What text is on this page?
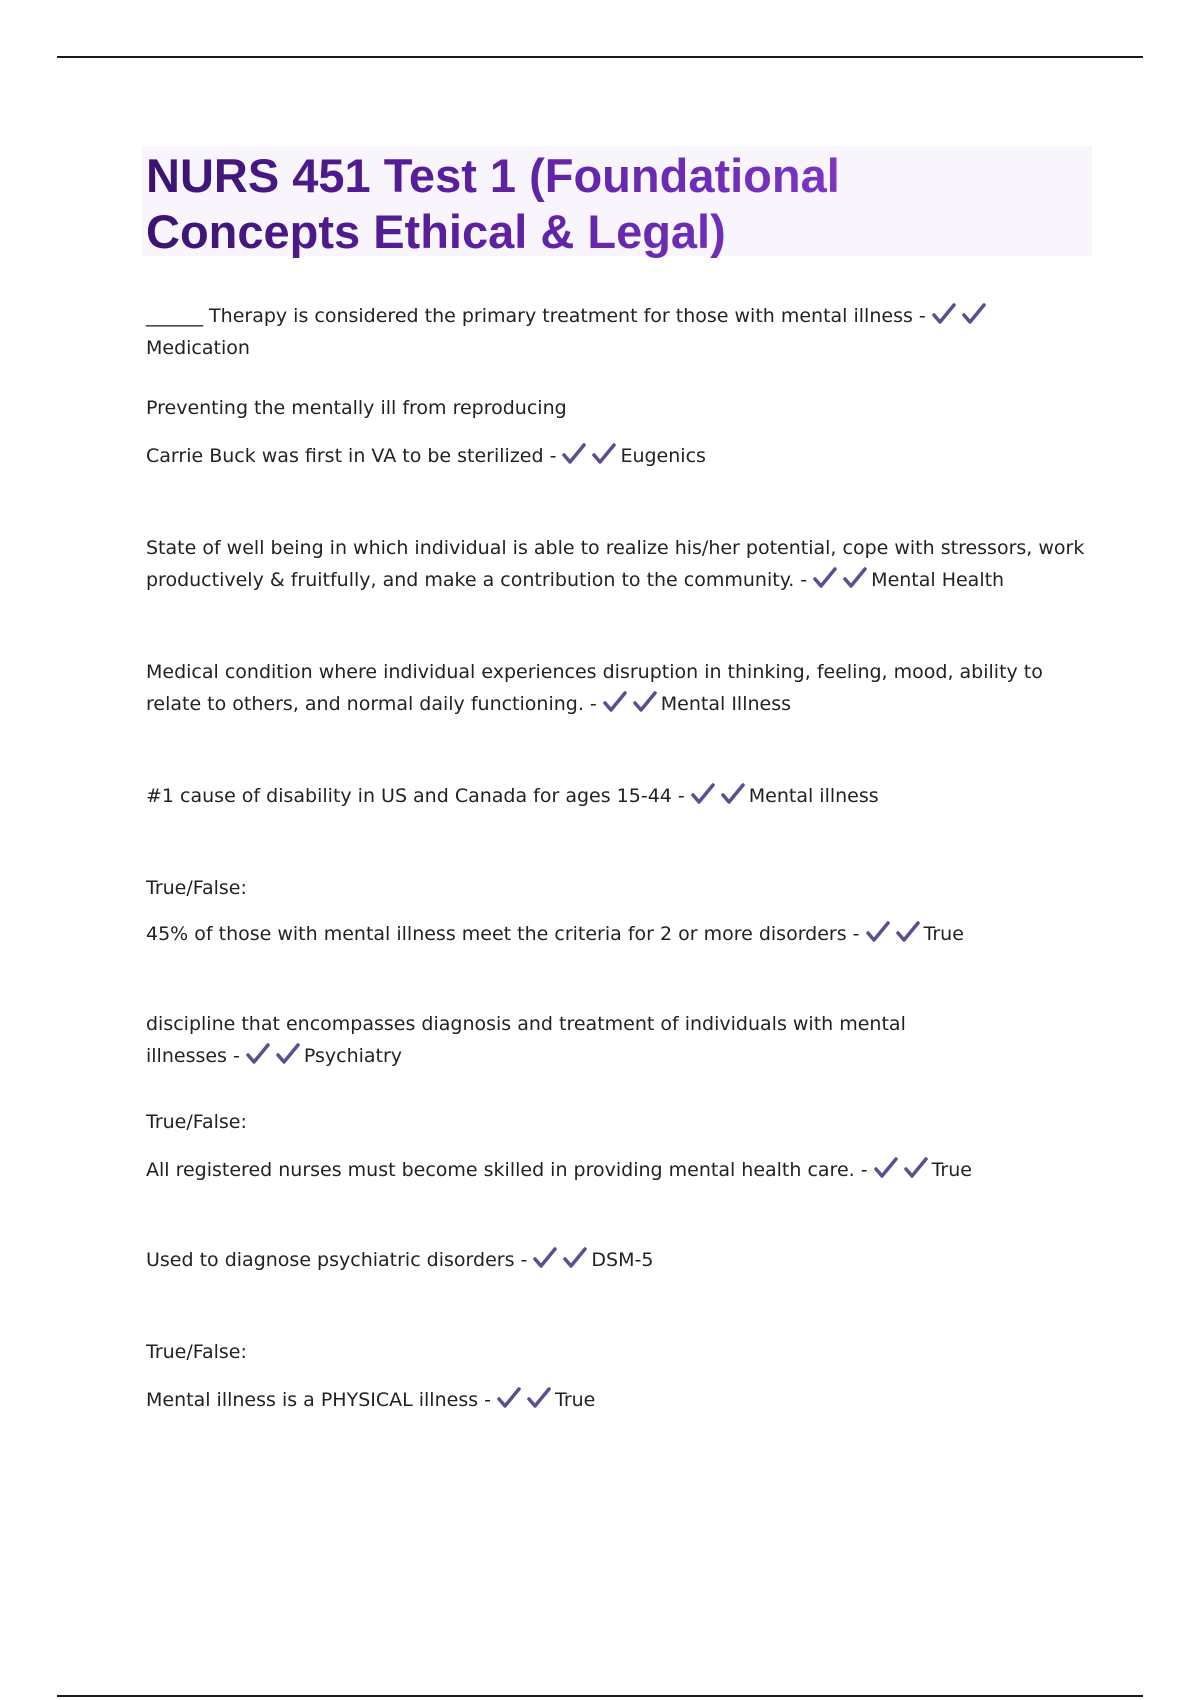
NURS 451 Test 1 (Foundational
Concepts Ethical & Legal)

______ Therapy is considered the primary treatment for those with mental illness -
Medication

Preventing the mentally ill from reproducing

Carrie Buck was first in VA to be sterilized -	Eugenics

State of well being in which individual is able to realize his/her potential, cope with stressors, work productively & fruitfully, and make a contribution to the community. -	Mental Health

Medical condition where individual experiences disruption in thinking, feeling, mood, ability to relate to others, and normal daily functioning. -	Mental Illness

#1 cause of disability in US and Canada for ages 15-44 -	Mental illness

True/False:

45% of those with mental illness meet the criteria for 2 or more disorders -	True

discipline that encompasses diagnosis and treatment of individuals with mental illnesses -	Psychiatry

True/False:

All registered nurses must become skilled in providing mental health care. -	True

Used to diagnose psychiatric disorders -	DSM-5

True/False:

Mental illness is a PHYSICAL illness -	True
